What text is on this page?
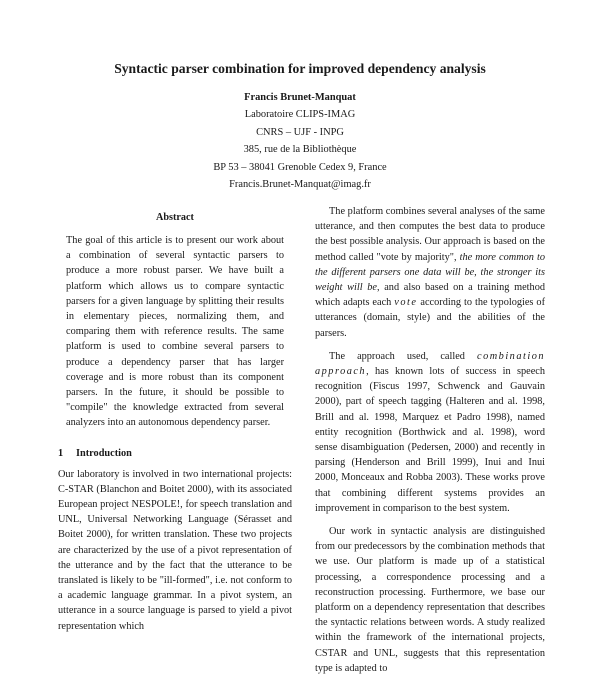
Syntactic parser combination for improved dependency analysis
Francis Brunet-Manquat
Laboratoire CLIPS-IMAG
CNRS – UJF - INPG
385, rue de la Bibliothèque
BP 53 – 38041 Grenoble Cedex 9, France
Francis.Brunet-Manquat@imag.fr
Abstract

The goal of this article is to present our work about a combination of several syntactic parsers to produce a more robust parser. We have built a platform which allows us to compare syntactic parsers for a given language by splitting their results in elementary pieces, normalizing them, and comparing them with reference results. The same platform is used to combine several parsers to produce a dependency parser that has larger coverage and is more robust than its component parsers. In the future, it should be possible to "compile" the knowledge extracted from several analyzers into an autonomous dependency parser.

1 Introduction

Our laboratory is involved in two international projects: C-STAR (Blanchon and Boitet 2000), with its associated European project NESPOLE!, for speech translation and UNL, Universal Networking Language (Sérasset and Boitet 2000), for written translation. These two projects are characterized by the use of a pivot representation of the utterance and by the fact that the utterance to be translated is likely to be "ill-formed", i.e. not conform to a academic language grammar. In a pivot system, an utterance in a source language is parsed to yield a pivot representation which

The platform combines several analyses of the same utterance, and then computes the best data to produce the best possible analysis. Our approach is based on the method called "vote by majority", the more common to the different parsers one data will be, the stronger its weight will be, and also based on a training method which adapts each vote according to the typologies of utterances (domain, style) and the abilities of the parsers.

The approach used, called combination approach, has known lots of success in speech recognition (Fiscus 1997, Schwenck and Gauvain 2000), part of speech tagging (Halteren and al. 1998, Brill and al. 1998, Marquez et Padro 1998), named entity recognition (Borthwick and al. 1998), word sense disambiguation (Pedersen, 2000) and recently in parsing (Henderson and Brill 1999), Inui and Inui 2000, Monceaux and Robba 2003). These works prove that combining different systems provides an improvement in comparison to the best system.

Our work in syntactic analysis are distinguished from our predecessors by the combination methods that we use. Our platform is made up of a statistical processing, a correspondence processing and a reconstruction processing. Furthermore, we base our platform on a dependency representation that describes the syntactic relations between words. A study realized within the framework of the international projects, CSTAR and UNL, suggests that this representation type is adapted to
